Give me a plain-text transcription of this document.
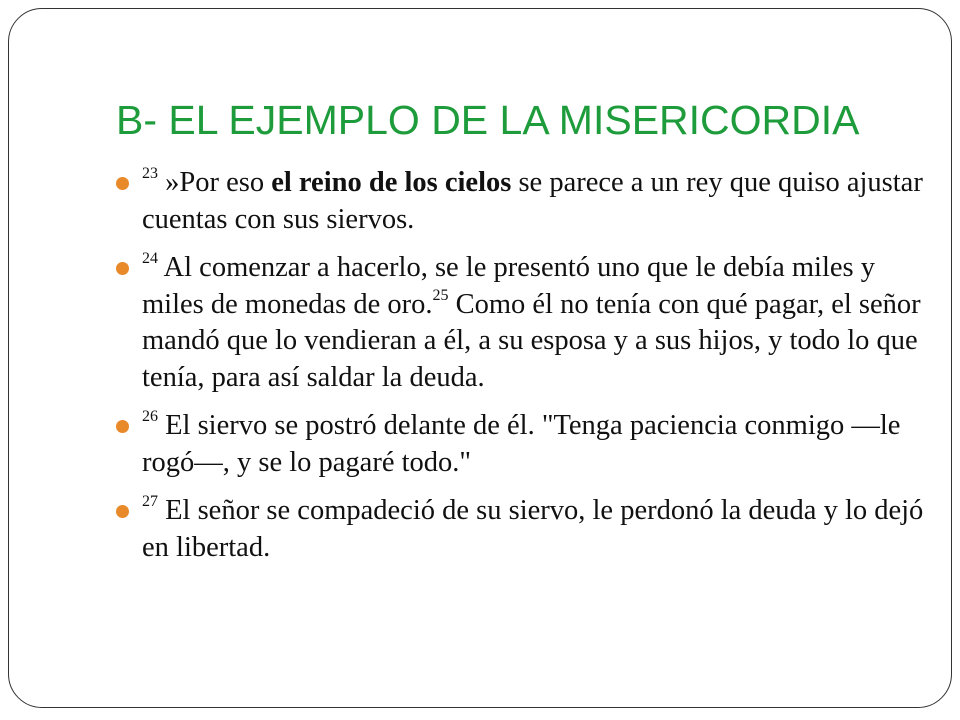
B- EL EJEMPLO DE LA MISERICORDIA
$^{23}$ »Por eso el reino de los cielos se parece a un rey que quiso ajustar cuentas con sus siervos.
$^{24}$ Al comenzar a hacerlo, se le presentó uno que le debía miles y miles de monedas de oro.$^{25}$ Como él no tenía con qué pagar, el señor mandó que lo vendieran a él, a su esposa y a sus hijos, y todo lo que tenía, para así saldar la deuda.
$^{26}$ El siervo se postró delante de él. "Tenga paciencia conmigo —le rogó—, y se lo pagaré todo."
$^{27}$ El señor se compadeció de su siervo, le perdonó la deuda y lo dejó en libertad.
